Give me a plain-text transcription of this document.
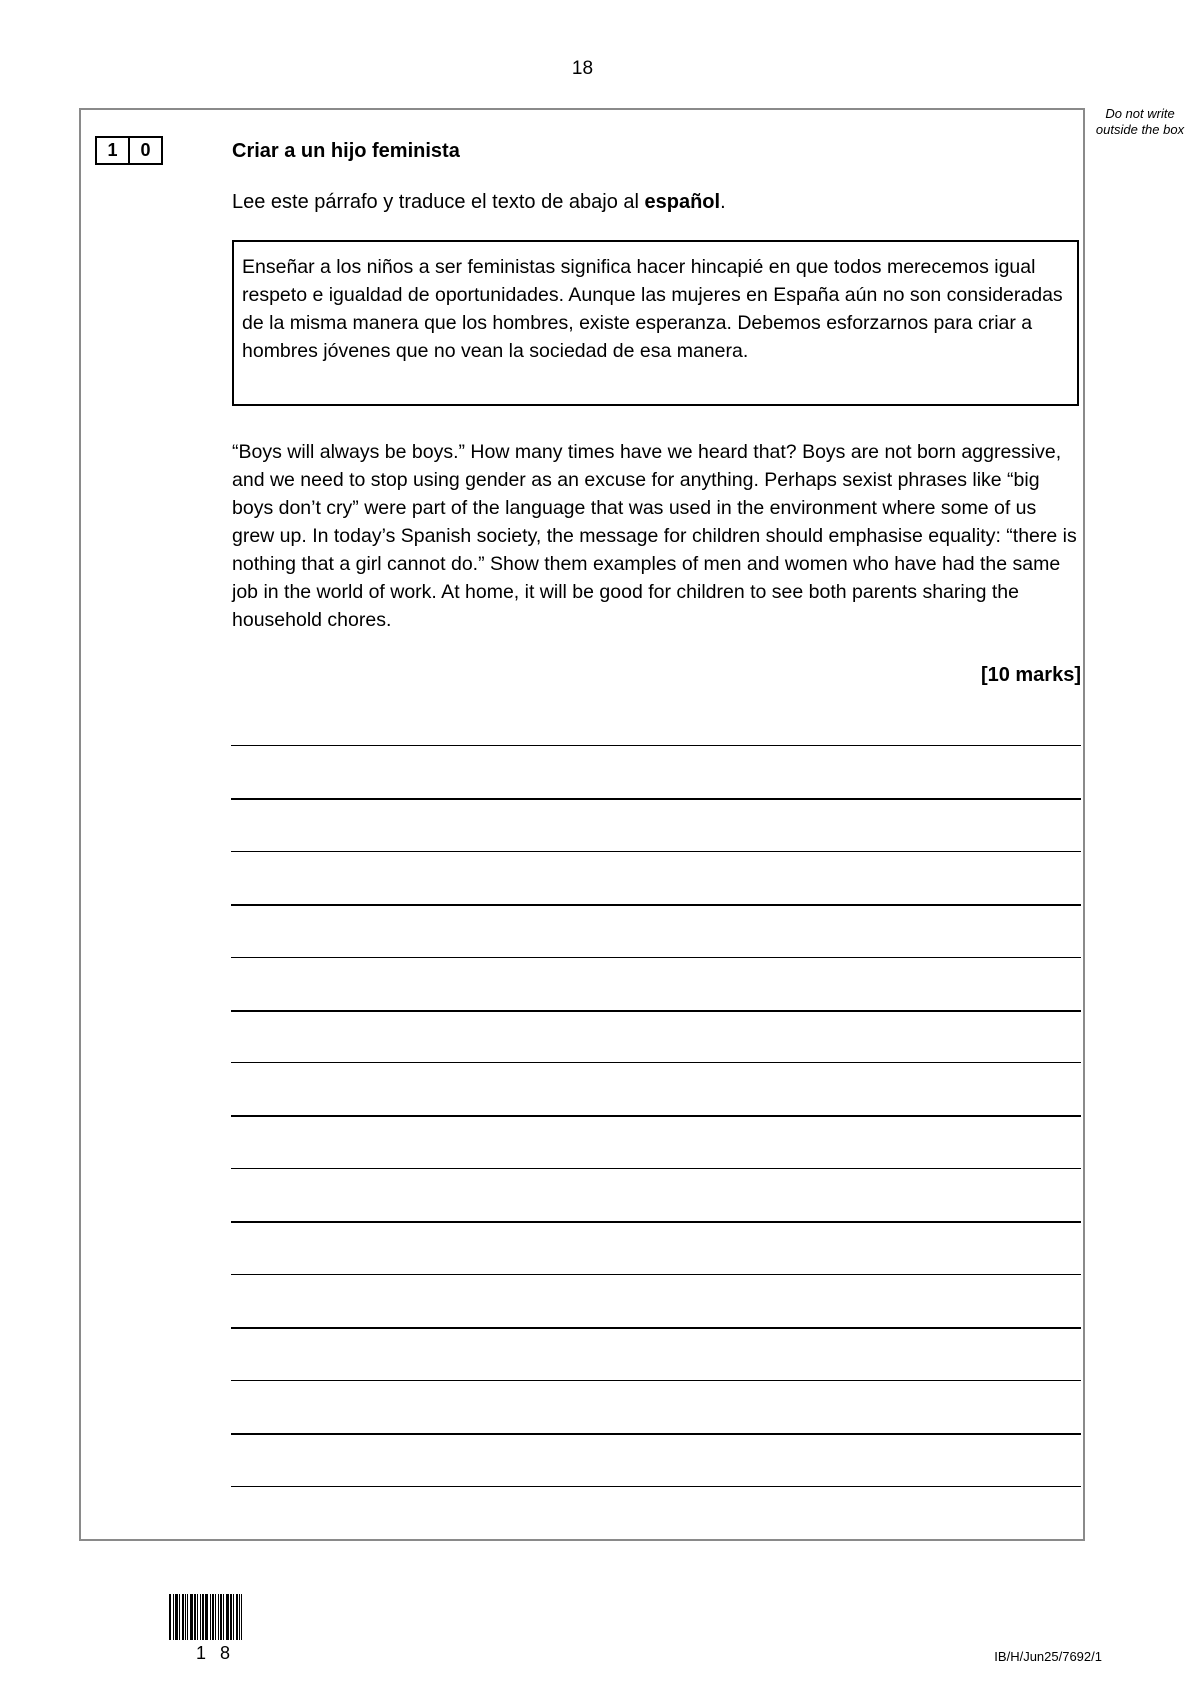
18
Do not write outside the box
1	0	Criar a un hijo feminista
Lee este párrafo y traduce el texto de abajo al español.
Enseñar a los niños a ser feministas significa hacer hincapié en que todos merecemos igual respeto e igualdad de oportunidades. Aunque las mujeres en España aún no son consideradas de la misma manera que los hombres, existe esperanza. Debemos esforzarnos para criar a hombres jóvenes que no vean la sociedad de esa manera.
“Boys will always be boys.” How many times have we heard that? Boys are not born aggressive, and we need to stop using gender as an excuse for anything. Perhaps sexist phrases like “big boys don’t cry” were part of the language that was used in the environment where some of us grew up. In today’s Spanish society, the message for children should emphasise equality: “there is nothing that a girl cannot do.” Show them examples of men and women who have had the same job in the world of work. At home, it will be good for children to see both parents sharing the household chores.
[10 marks]
18	IB/H/Jun25/7692/1
